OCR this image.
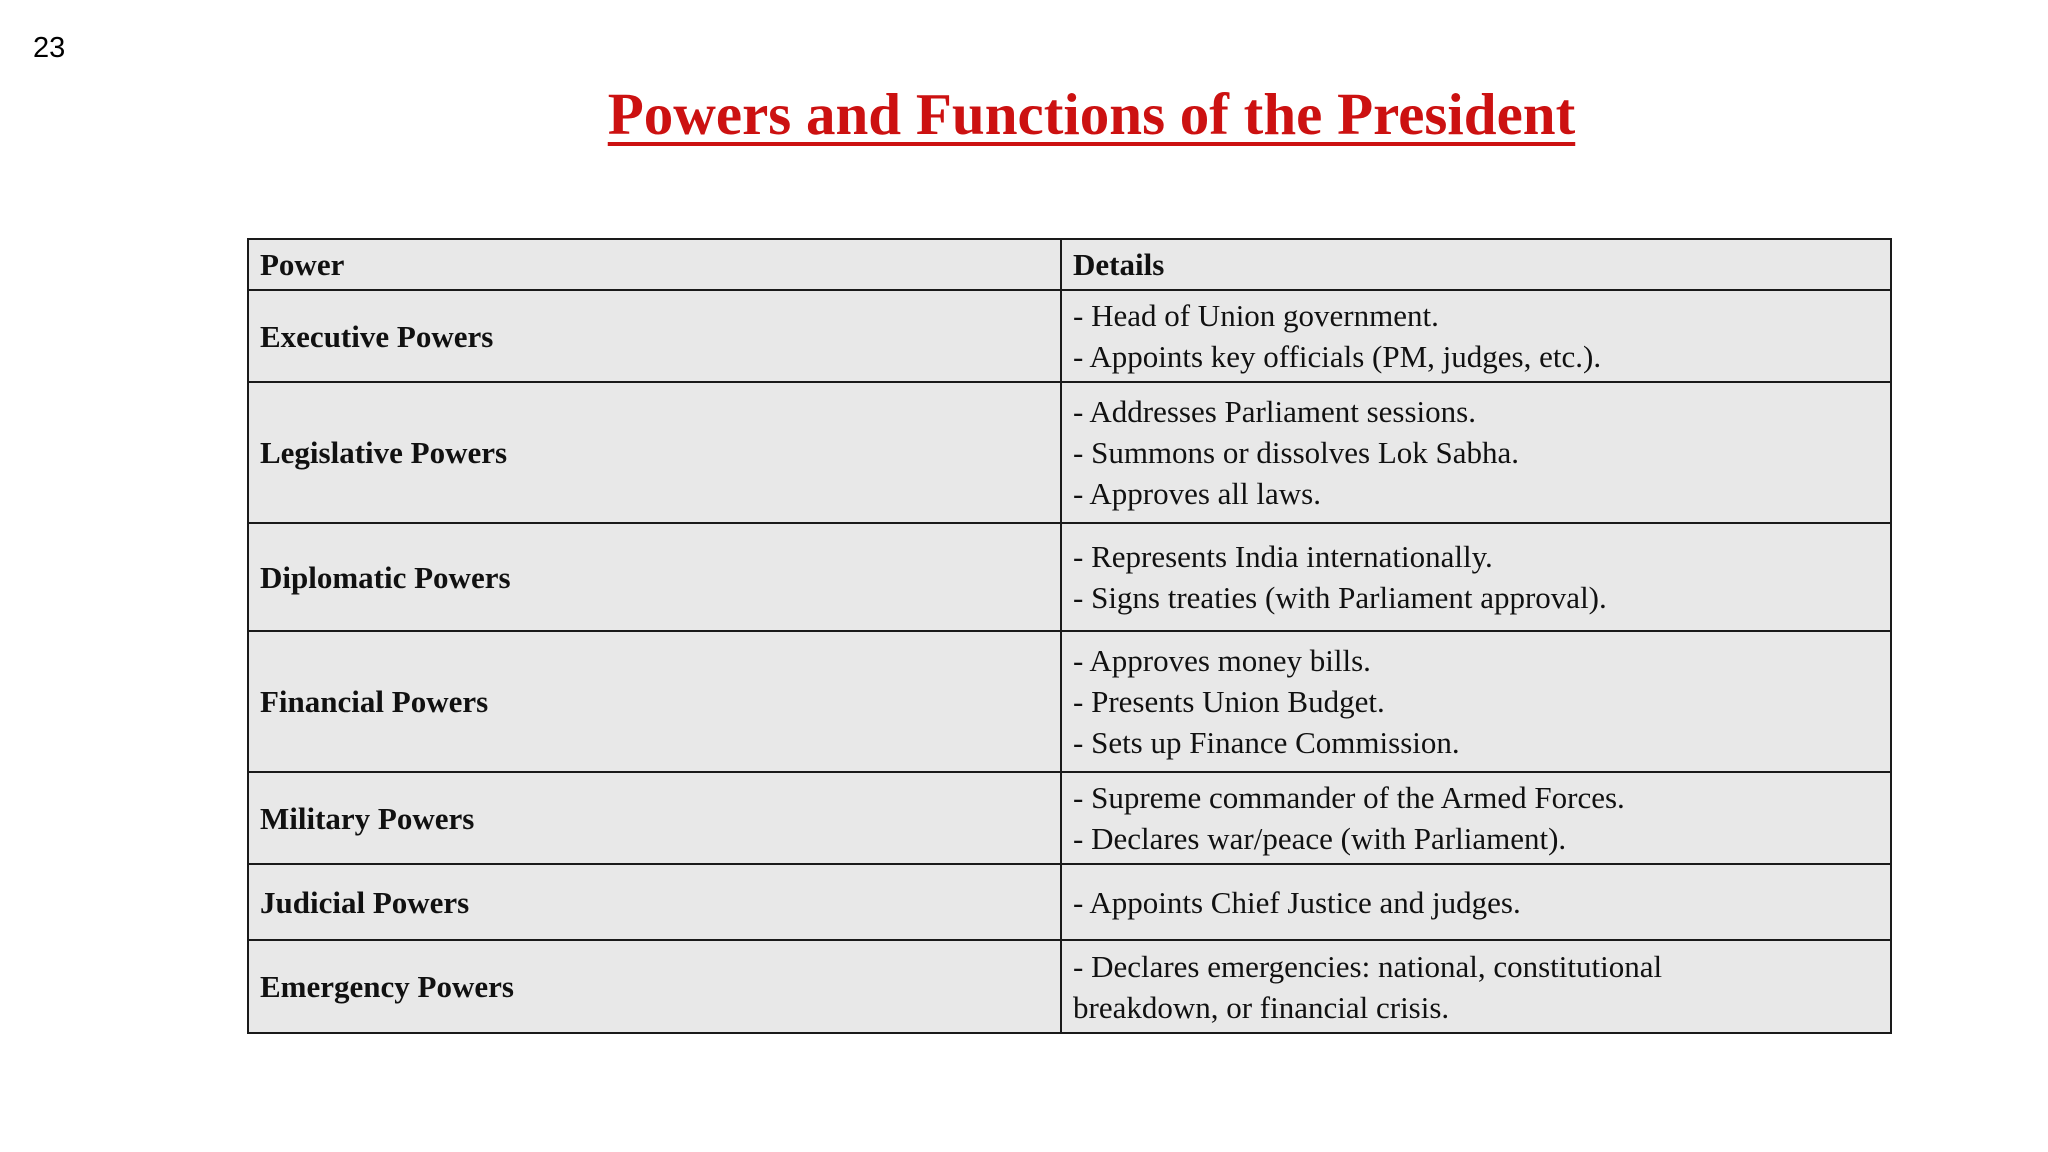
23
Powers and Functions of the President
Power	Details
Executive Powers	- Head of Union government.
- Appoints key officials (PM, judges, etc.).

Legislative Powers	- Addresses Parliament sessions.
- Summons or dissolves Lok Sabha.
- Approves all laws.

Diplomatic Powers	- Represents India internationally.
- Signs treaties (with Parliament approval).

Financial Powers	- Approves money bills.
- Presents Union Budget.
- Sets up Finance Commission.

Military Powers	- Supreme commander of the Armed Forces.
- Declares war/peace (with Parliament).

Judicial Powers	- Appoints Chief Justice and judges.

Emergency Powers	- Declares emergencies: national, constitutional
breakdown, or financial crisis.
